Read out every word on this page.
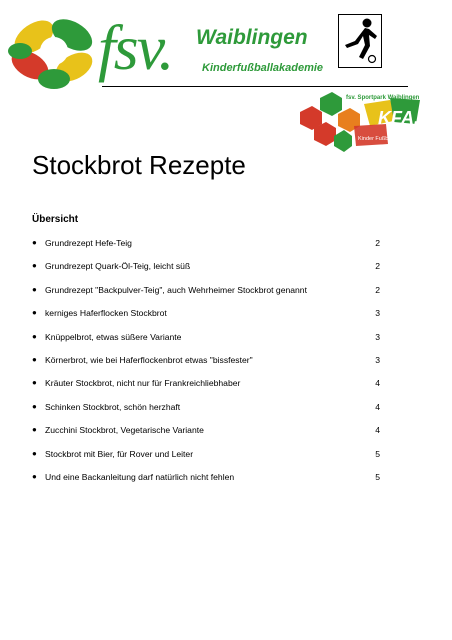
fsv. Waiblingen
Kinderfußballakademie
fsv. Sportpark Waiblingen
KFA.
Kinder Fußball Akademie
Stockbrot Rezepte
Übersicht
● Grundrezept Hefe-Teig	2
● Grundrezept Quark-Öl-Teig, leicht süß	2
● Grundrezept "Backpulver-Teig", auch Wehrheimer Stockbrot genannt	2
● kerniges Haferflocken Stockbrot	3
● Knüppelbrot, etwas süßere Variante	3
● Körnerbrot, wie bei Haferflockenbrot etwas "bissfester"	3
● Kräuter Stockbrot, nicht nur für Frankreichliebhaber	4
● Schinken Stockbrot, schön herzhaft	4
● Zucchini Stockbrot, Vegetarische Variante	4
● Stockbrot mit Bier, für Rover und Leiter	5
● Und eine Backanleitung darf natürlich nicht fehlen	5
